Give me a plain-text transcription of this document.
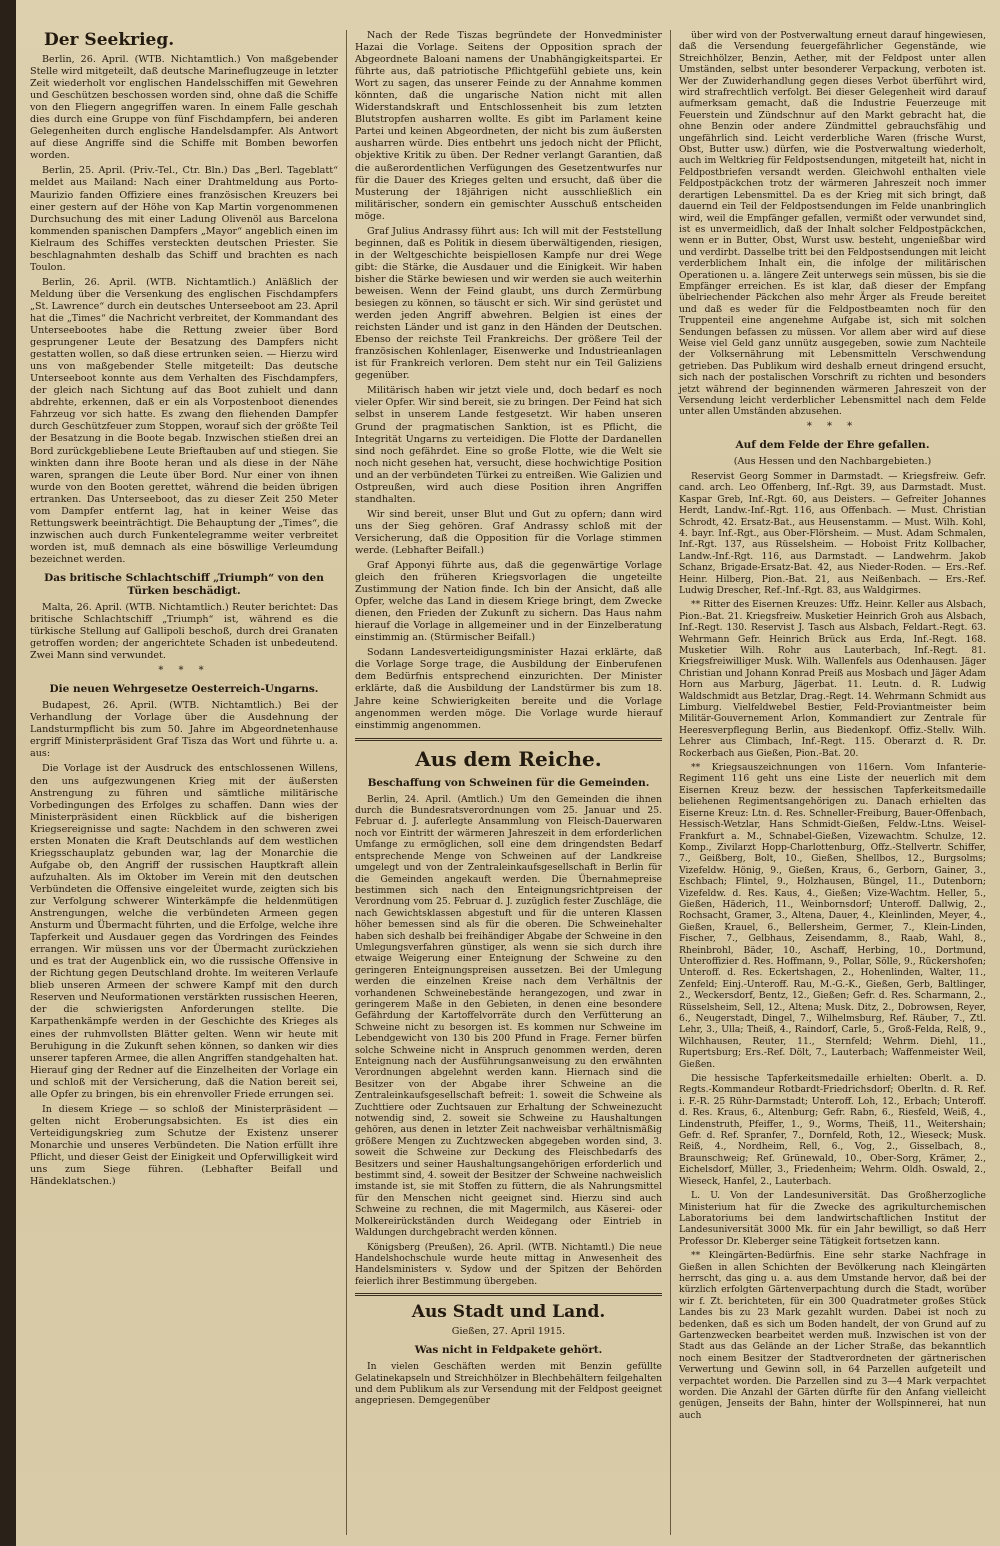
Der Seekrieg.

Berlin, 26. April. (WTB. Nichtamtlich.) Von maßgebender Stelle wird mitgeteilt, daß deutsche Marineflugzeuge in letzter Zeit wiederholt vor englischen Handelsschiffen mit Gewehren und Geschützen beschossen worden sind, ohne daß die Schiffe von den Fliegern angegriffen waren. In einem Falle geschah dies durch eine Gruppe von fünf Fischdampfern, bei anderen Gelegenheiten durch englische Handelsdampfer. Als Antwort auf diese Angriffe sind die Schiffe mit Bomben beworfen worden.

Berlin, 25. April. (Priv.-Tel., Ctr. Bln.) Das „Berl. Tageblatt“ meldet aus Mailand: Nach einer Drahtmeldung aus Porto-Maurizio fanden Offiziere eines französischen Kreuzers bei einer gestern auf der Höhe von Kap Martin vorgenommenen Durchsuchung des mit einer Ladung Olivenöl aus Barcelona kommenden spanischen Dampfers „Mayor“ angeblich einen im Kielraum des Schiffes versteckten deutschen Priester. Sie beschlagnahmten deshalb das Schiff und brachten es nach Toulon.

Berlin, 26. April. (WTB. Nichtamtlich.) Anläßlich der Meldung über die Versenkung des englischen Fischdampfers „St. Lawrence“ durch ein deutsches Unterseeboot am 23. April hat die „Times“ die Nachricht verbreitet, der Kommandant des Unterseebootes habe die Rettung zweier über Bord gesprungener Leute der Besatzung des Dampfers nicht gestatten wollen, so daß diese ertrunken seien. — Hierzu wird uns von maßgebender Stelle mitgeteilt: Das deutsche Unterseeboot konnte aus dem Verhalten des Fischdampfers, der gleich nach Sichtung auf das Boot zuhielt und dann abdrehte, erkennen, daß er ein als Vorpostenboot dienendes Fahrzeug vor sich hatte. Es zwang den fliehenden Dampfer durch Geschützfeuer zum Stoppen, worauf sich der größte Teil der Besatzung in die Boote begab. Inzwischen stießen drei an Bord zurückgebliebene Leute Brieftauben auf und stiegen. Sie winkten dann ihre Boote heran und als diese in der Nähe waren, sprangen die Leute über Bord. Nur einer von ihnen wurde von den Booten gerettet, während die beiden übrigen ertranken. Das Unterseeboot, das zu dieser Zeit 250 Meter vom Dampfer entfernt lag, hat in keiner Weise das Rettungswerk beeinträchtigt. Die Behauptung der „Times“, die inzwischen auch durch Funkentelegramme weiter verbreitet worden ist, muß demnach als eine böswillige Verleumdung bezeichnet werden.

Das britische Schlachtschiff „Triumph“ von den Türken beschädigt.

Malta, 26. April. (WTB. Nichtamtlich.) Reuter berichtet: Das britische Schlachtschiff „Triumph“ ist, während es die türkische Stellung auf Gallipoli beschoß, durch drei Granaten getroffen worden; der angerichtete Schaden ist unbedeutend. Zwei Mann sind verwundet.

* * *
Die neuen Wehrgesetze Oesterreich-Ungarns.

Budapest, 26. April. (WTB. Nichtamtlich.) Bei der Verhandlung der Vorlage über die Ausdehnung der Landsturmpflicht bis zum 50. Jahre im Abgeordnetenhause ergriff Ministerpräsident Graf Tisza das Wort und führte u. a. aus:

Die Vorlage ist der Ausdruck des entschlossenen Willens, den uns aufgezwungenen Krieg mit der äußersten Anstrengung zu führen und sämtliche militärische Vorbedingungen des Erfolges zu schaffen. Dann wies der Ministerpräsident einen Rückblick auf die bisherigen Kriegsereignisse und sagte: Nachdem in den schweren zwei ersten Monaten die Kraft Deutschlands auf dem westlichen Kriegsschauplatz gebunden war, lag der Monarchie die Aufgabe ob, den Angriff der russischen Hauptkraft allein aufzuhalten. Als im Oktober im Verein mit den deutschen Verbündeten die Offensive eingeleitet wurde, zeigten sich bis zur Verfolgung schwerer Winterkämpfe die heldenmütigen Anstrengungen, welche die verbündeten Armeen gegen Ansturm und Übermacht führten, und die Erfolge, welche ihre Tapferkeit und Ausdauer gegen das Vordringen des Feindes errangen. Wir müssen uns vor der Übermacht zurückziehen und es trat der Augenblick ein, wo die russische Offensive in der Richtung gegen Deutschland drohte. Im weiteren Verlaufe blieb unseren Armeen der schwere Kampf mit den durch Reserven und Neuformationen verstärkten russischen Heeren, der die schwierigsten Anforderungen stellte. Die Karpathenkämpfe werden in der Geschichte des Krieges als eines der ruhmvollsten Blätter gelten. Wenn wir heute mit Beruhigung in die Zukunft sehen können, so danken wir dies unserer tapferen Armee, die allen Angriffen standgehalten hat. Hierauf ging der Redner auf die Einzelheiten der Vorlage ein und schloß mit der Versicherung, daß die Nation bereit sei, alle Opfer zu bringen, bis ein ehrenvoller Friede errungen sei.

In diesem Kriege — so schloß der Ministerpräsident — gelten nicht Eroberungsabsichten. Es ist dies ein Verteidigungskrieg zum Schutze der Existenz unserer Monarchie und unseres Verbündeten. Die Nation erfüllt ihre Pflicht, und dieser Geist der Einigkeit und Opferwilligkeit wird uns zum Siege führen. (Lebhafter Beifall und Händeklatschen.)

Nach der Rede Tiszas begründete der Honvedminister Hazai die Vorlage. Seitens der Opposition sprach der Abgeordnete Baloani namens der Unabhängigkeitspartei. Er führte aus, daß patriotische Pflichtgefühl gebiete uns, kein Wort zu sagen, das unserer Feinde zu der Annahme kommen könnten, daß die ungarische Nation nicht mit allen Widerstandskraft und Entschlossenheit bis zum letzten Blutstropfen ausharren wollte. Es gibt im Parlament keine Partei und keinen Abgeordneten, der nicht bis zum äußersten ausharren würde. Dies entbehrt uns jedoch nicht der Pflicht, objektive Kritik zu üben. Der Redner verlangt Garantien, daß die außerordentlichen Verfügungen des Gesetzentwurfes nur für die Dauer des Krieges gelten und ersucht, daß über die Musterung der 18jährigen nicht ausschließlich ein militärischer, sondern ein gemischter Ausschuß entscheiden möge.

Graf Julius Andrassy führt aus: Ich will mit der Feststellung beginnen, daß es Politik in diesem überwältigenden, riesigen, in der Weltgeschichte beispiellosen Kampfe nur drei Wege gibt: die Stärke, die Ausdauer und die Einigkeit. Wir haben bisher die Stärke bewiesen und wir werden sie auch weiterhin beweisen. Wenn der Feind glaubt, uns durch Zermürbung besiegen zu können, so täuscht er sich. Wir sind gerüstet und werden jeden Angriff abwehren. Belgien ist eines der reichsten Länder und ist ganz in den Händen der Deutschen. Ebenso der reichste Teil Frankreichs. Der größere Teil der französischen Kohlenlager, Eisenwerke und Industrieanlagen ist für Frankreich verloren. Dem steht nur ein Teil Galiziens gegenüber.

Militärisch haben wir jetzt viele und, doch bedarf es noch vieler Opfer. Wir sind bereit, sie zu bringen. Der Feind hat sich selbst in unserem Lande festgesetzt. Wir haben unseren Grund der pragmatischen Sanktion, ist es Pflicht, die Integrität Ungarns zu verteidigen. Die Flotte der Dardanellen sind noch gefährdet. Eine so große Flotte, wie die Welt sie noch nicht gesehen hat, versucht, diese hochwichtige Position und an der verbündeten Türkei zu entreißen. Wie Galizien und Ostpreußen, wird auch diese Position ihren Angriffen standhalten.

Wir sind bereit, unser Blut und Gut zu opfern; dann wird uns der Sieg gehören. Graf Andrassy schloß mit der Versicherung, daß die Opposition für die Vorlage stimmen werde. (Lebhafter Beifall.)

Graf Apponyi führte aus, daß die gegenwärtige Vorlage gleich den früheren Kriegsvorlagen die ungeteilte Zustimmung der Nation finde. Ich bin der Ansicht, daß alle Opfer, welche das Land in diesem Kriege bringt, dem Zwecke dienen, den Frieden der Zukunft zu sichern. Das Haus nahm hierauf die Vorlage in allgemeiner und in der Einzelberatung einstimmig an. (Stürmischer Beifall.)

Sodann Landesverteidigungsminister Hazai erklärte, daß die Vorlage Sorge trage, die Ausbildung der Einberufenen dem Bedürfnis entsprechend einzurichten. Der Minister erklärte, daß die Ausbildung der Landstürmer bis zum 18. Jahre keine Schwierigkeiten bereite und die Vorlage angenommen werden möge. Die Vorlage wurde hierauf einstimmig angenommen.

Aus dem Reiche.
Beschaffung von Schweinen für die Gemeinden.

Berlin, 24. April. (Amtlich.) Um den Gemeinden die ihnen durch die Bundesratsverordnungen vom 25. Januar und 25. Februar d. J. auferlegte Ansammlung von Fleisch-Dauerwaren noch vor Eintritt der wärmeren Jahreszeit in dem erforderlichen Umfange zu ermöglichen, soll eine dem dringendsten Bedarf entsprechende Menge von Schweinen auf der Landkreise umgelegt und von der Zentraleinkaufsgesellschaft in Berlin für die Gemeinden angekauft werden. Die Übernahmepreise bestimmen sich nach den Enteignungsrichtpreisen der Verordnung vom 25. Februar d. J. zuzüglich fester Zuschläge, die nach Gewichtsklassen abgestuft und für die unteren Klassen höher bemessen sind als für die oberen. Die Schweinehalter haben sich deshalb bei freihändiger Abgabe der Schweine in den Umlegungsverfahren günstiger, als wenn sie sich durch ihre etwaige Weigerung einer Enteignung der Schweine zu den geringeren Enteignungspreisen aussetzen. Bei der Umlegung werden die einzelnen Kreise nach dem Verhältnis der vorhandenen Schweinebestände herangezogen, und zwar in geringerem Maße in den Gebieten, in denen eine besondere Gefährdung der Kartoffelvorräte durch den Verfütterung an Schweine nicht zu besorgen ist. Es kommen nur Schweine im Lebendgewicht von 130 bis 200 Pfund in Frage. Ferner bürfen solche Schweine nicht in Anspruch genommen werden, deren Enteignung nach der Ausführungsanweisung zu den erwähnten Verordnungen abgelehnt werden kann. Hiernach sind die Besitzer von der Abgabe ihrer Schweine an die Zentraleinkaufsgesellschaft befreit: 1. soweit die Schweine als Zuchttiere oder Zuchtsauen zur Erhaltung der Schweinezucht notwendig sind, 2. soweit sie Schweine zu Haushaltungen gehören, aus denen in letzter Zeit nachweisbar verhältnismäßig größere Mengen zu Zuchtzwecken abgegeben worden sind, 3. soweit die Schweine zur Deckung des Fleischbedarfs des Besitzers und seiner Haushaltungsangehörigen erforderlich und bestimmt sind, 4. soweit der Besitzer der Schweine nachweislich imstande ist, sie mit Stoffen zu füttern, die als Nahrungsmittel für den Menschen nicht geeignet sind. Hierzu sind auch Schweine zu rechnen, die mit Magermilch, aus Käserei- oder Molkereirückständen durch Weidegang oder Eintrieb in Waldungen durchgebracht werden können.

Königsberg (Preußen), 26. April. (WTB. Nichtamtl.) Die neue Handelshochschule wurde heute mittag in Anwesenheit des Handelsministers v. Sydow und der Spitzen der Behörden feierlich ihrer Bestimmung übergeben.

Aus Stadt und Land.
Gießen, 27. April 1915.
Was nicht in Feldpakete gehört.

In vielen Geschäften werden mit Benzin gefüllte Gelatinekapseln und Streichhölzer in Blechbehältern feilgehalten und dem Publikum als zur Versendung mit der Feldpost geeignet angepriesen. Demgegenüber

über wird von der Postverwaltung erneut darauf hingewiesen, daß die Versendung feuergefährlicher Gegenstände, wie Streichhölzer, Benzin, Aether, mit der Feldpost unter allen Umständen, selbst unter besonderer Verpackung, verboten ist. Wer der Zuwiderhandlung gegen dieses Verbot überführt wird, wird strafrechtlich verfolgt. Bei dieser Gelegenheit wird darauf aufmerksam gemacht, daß die Industrie Feuerzeuge mit Feuerstein und Zündschnur auf den Markt gebracht hat, die ohne Benzin oder andere Zündmittel gebrauchsfähig und ungefährlich sind. Leicht verderbliche Waren (frische Wurst, Obst, Butter usw.) dürfen, wie die Postverwaltung wiederholt, auch im Weltkrieg für Feldpostsendungen, mitgeteilt hat, nicht in Feldpostbriefen versandt werden. Gleichwohl enthalten viele Feldpostpäckchen trotz der wärmeren Jahreszeit noch immer derartigen Lebensmittel. Da es der Krieg mit sich bringt, daß dauernd ein Teil der Feldpostsendungen im Felde unanbringlich wird, weil die Empfänger gefallen, vermißt oder verwundet sind, ist es unvermeidlich, daß der Inhalt solcher Feldpostpäckchen, wenn er in Butter, Obst, Wurst usw. besteht, ungenießbar wird und verdirbt. Dasselbe tritt bei den Feldpostsendungen mit leicht verderblichem Inhalt ein, die infolge der militärischen Operationen u. a. längere Zeit unterwegs sein müssen, bis sie die Empfänger erreichen. Es ist klar, daß dieser der Empfang übelriechender Päckchen also mehr Ärger als Freude bereitet und daß es weder für die Feldpostbeamten noch für den Truppenteil eine angenehme Aufgabe ist, sich mit solchen Sendungen befassen zu müssen. Vor allem aber wird auf diese Weise viel Geld ganz unnütz ausgegeben, sowie zum Nachteile der Volksernährung mit Lebensmitteln Verschwendung getrieben. Das Publikum wird deshalb erneut dringend ersucht, sich nach der postalischen Vorschrift zu richten und besonders jetzt während der beginnenden wärmeren Jahreszeit von der Versendung leicht verderblicher Lebensmittel nach dem Felde unter allen Umständen abzusehen.

* * *
Auf dem Felde der Ehre gefallen.
(Aus Hessen und den Nachbargebieten.)

Reservist Georg Sommer in Darmstadt. — Kriegsfreiw. Gefr. cand. arch. Leo Offenberg, Inf.-Rgt. 39, aus Darmstadt. Must. Kaspar Greb, Inf.-Rgt. 60, aus Deisters. — Gefreiter Johannes Herdt, Landw.-Inf.-Rgt. 116, aus Offenbach. — Must. Christian Schrodt, 42. Ersatz-Bat., aus Heusenstamm. — Must. Wilh. Kohl, 4. bayr. Inf.-Rgt., aus Ober-Flörsheim. — Must. Adam Schmalen, Inf.-Rgt. 137, aus Rüsselsheim. — Hoboist Fritz Kollbacher, Landw.-Inf.-Rgt. 116, aus Darmstadt. — Landwehrm. Jakob Schanz, Brigade-Ersatz-Bat. 42, aus Nieder-Roden. — Ers.-Ref. Heinr. Hilberg, Pion.-Bat. 21, aus Neißenbach. — Ers.-Ref. Ludwig Drescher, Ref.-Inf.-Rgt. 83, aus Waldgirmes.

** Ritter des Eisernen Kreuzes: Uffz. Heinr. Keller aus Alsbach, Pion.-Bat. 21. Kriegsfreiw. Musketier Heinrich Groh aus Alsbach, Inf.-Regt. 130. Reservist J. Tasch aus Alsbach, Feldart.-Regt. 63. Wehrmann Gefr. Heinrich Brück aus Erda, Inf.-Regt. 168. Musketier Wilh. Rohr aus Lauterbach, Inf.-Regt. 81. Kriegsfreiwilliger Musk. Wilh. Wallenfels aus Odenhausen. Jäger Christian und Johann Konrad Preiß aus Mosbach und Jäger Adam Horn aus Marburg, Jägerbat. 11. Leutn. d. R. Ludwig Waldschmidt aus Betzlar, Drag.-Regt. 14. Wehrmann Schmidt aus Limburg. Vielfeldwebel Bestier, Feld-Proviantmeister beim Militär-Gouvernement Arlon, Kommandiert zur Zentrale für Heeresverpflegung Berlin, aus Biedenkopf. Offiz.-Stellv. Wilh. Lehrer aus Climbach, Inf.-Regt. 115. Oberarzt d. R. Dr. Rockerbach aus Gießen, Pion.-Bat. 20.

** Kriegsauszeichnungen von 116ern. Vom Infanterie-Regiment 116 geht uns eine Liste der neuerlich mit dem Eisernen Kreuz bezw. der hessischen Tapferkeitsmedaille beliehenen Regimentsangehörigen zu. Danach erhielten das Eiserne Kreuz: Ltn. d. Res. Schneller-Freiburg, Bauer-Offenbach, Hessisch-Wetzlar, Hans Schmidt-Gießen, Feldw.-Ltns. Weisel-Frankfurt a. M., Schnabel-Gießen, Vizewachtm. Schulze, 12. Komp., Zivilarzt Hopp-Charlottenburg, Offz.-Stellvertr. Schiffer, 7., Geißberg, Bolt, 10., Gießen, Shellbos, 12., Burgsolms; Vizefeldw. Hönig, 9., Gießen, Kraus, 6., Gerborn, Gainer, 3., Eschbach; Flintel, 9., Holzhausen, Büngel, 11., Dutenborn; Vizefeldw. d. Res. Kaus, 4., Gießen; Vize-Wachtm. Heller, 5., Gießen, Häderich, 11., Weinbornsdorf; Unteroff. Dallwig, 2., Rochsacht, Gramer, 3., Altena, Dauer, 4., Kleinlinden, Meyer, 4., Gießen, Krauel, 6., Bellersheim, Germer, 7., Klein-Linden, Fischer, 7., Gelbhaus, Zeisendamm, 8., Raab, Wahl, 8., Rheinbrohl, Bäder, 10., Aschaff, Herbing, 10., Dortmund, Unteroffizier d. Res. Hoffmann, 9., Pollar, Sölle, 9., Rückershofen; Unteroff. d. Res. Eckertshagen, 2., Hohenlinden, Walter, 11., Zenfeld; Einj.-Unteroff. Rau, M.-G.-K., Gießen, Gerb, Baltlinger, 2., Weckersdorf, Bentz, 12., Gießen; Gefr. d. Res. Scharmann, 2., Rüsselsheim, Sell, 12., Altena; Musk. Ditz, 2., Dobrowsen, Reyer, 6., Neugerstadt, Dingel, 7., Wilhelmsburg, Ref. Räuber, 7., Ztl. Lehr, 3., Ulla; Theiß, 4., Raindorf, Carle, 5., Groß-Felda, Relß, 9., Wilchhausen, Reuter, 11., Sternfeld; Wehrm. Diehl, 11., Rupertsburg; Ers.-Ref. Dölt, 7., Lauterbach; Waffenmeister Weil, Gießen.

Die hessische Tapferkeitsmedaille erhielten: Oberlt. a. D. Regts.-Kommandeur Rotbardt-Friedrichsdorf; Oberltn. d. R. Ref. i. F.-R. 25 Rühr-Darmstadt; Unteroff. Loh, 12., Erbach; Unteroff. d. Res. Kraus, 6., Altenburg; Gefr. Rabn, 6., Riesfeld, Weiß, 4., Lindenstruth, Pfeiffer, 1., 9., Worms, Theiß, 11., Weitershain; Gefr. d. Ref. Spranfer, 7., Dornfeld, Roth, 12., Wieseck; Musk. Reiß, 4., Nordheim, Rell, 6., Vog, 2., Gisselbach, 8., Braunschweig; Ref. Grünewald, 10., Ober-Sorg, Krämer, 2., Eichelsdorf, Müller, 3., Friedenheim; Wehrm. Oldh. Oswald, 2., Wieseck, Hanfel, 2., Lauterbach.

L. U. Von der Landesuniversität. Das Großherzogliche Ministerium hat für die Zwecke des agrikulturchemischen Laboratoriums bei dem landwirtschaftlichen Institut der Landesuniversität 3000 Mk. für ein Jahr bewilligt, so daß Herr Professor Dr. Kleberger seine Tätigkeit fortsetzen kann.

** Kleingärten-Bedürfnis. Eine sehr starke Nachfrage in Gießen in allen Schichten der Bevölkerung nach Kleingärten herrscht, das ging u. a. aus dem Umstande hervor, daß bei der kürzlich erfolgten Gärtenverpachtung durch die Stadt, worüber wir f. Zt. berichteten, für ein 300 Quadratmeter großes Stück Landes bis zu 23 Mark gezahlt wurden. Dabei ist noch zu bedenken, daß es sich um Boden handelt, der von Grund auf zu Gartenzwecken bearbeitet werden muß. Inzwischen ist von der Stadt aus das Gelände an der Licher Straße, das bekanntlich noch einem Besitzer der Stadtverordneten der gärtnerischen Verwertung und Gewinn soll, in 64 Parzellen aufgeteilt und verpachtet worden. Die Parzellen sind zu 3—4 Mark verpachtet worden. Die Anzahl der Gärten dürfte für den Anfang vielleicht genügen, Jenseits der Bahn, hinter der Wollspinnerei, hat nun auch
